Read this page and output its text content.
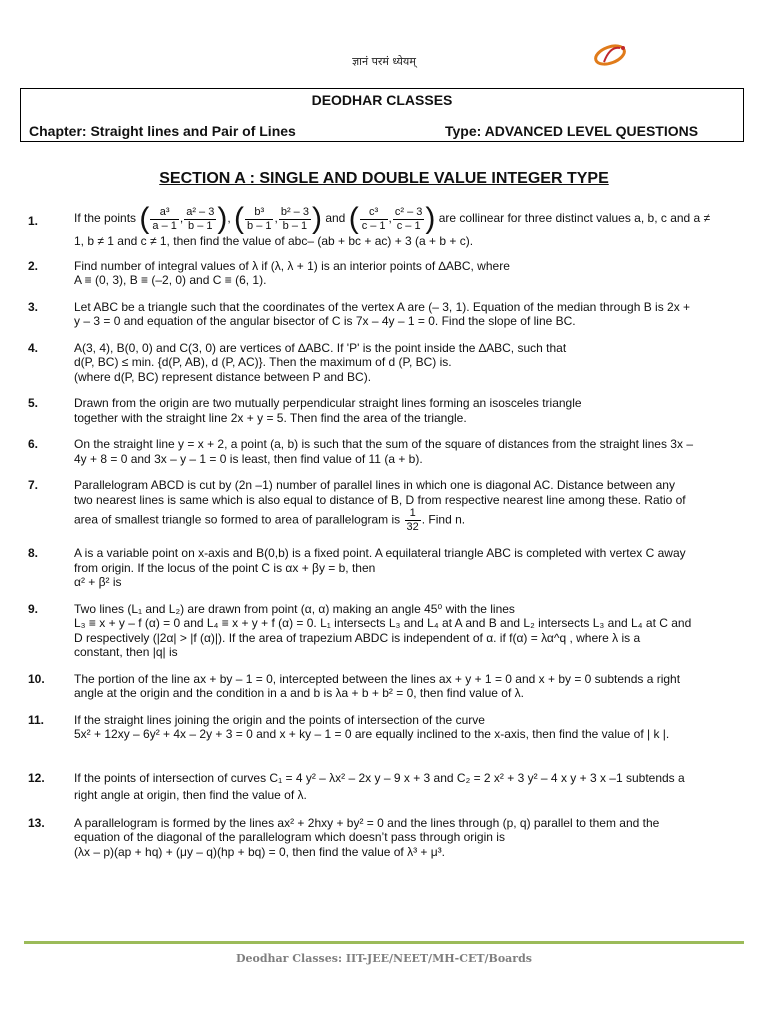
ज्ञानं परमं ध्येयम्
DEODHAR CLASSES
Chapter: Straight lines and Pair of Lines	Type: ADVANCED LEVEL QUESTIONS
SECTION A : SINGLE AND DOUBLE VALUE INTEGER TYPE
1.	If the points ( $\frac{\text{a³}}{a - 1}$ , $\frac{\text{a² – 3}}{b - 1}$ ), ( $\frac{\text{b³}}{b - 1}$ , $\frac{\text{b² – 3}}{b - 1}$ ) and ( $\frac{\text{c³}}{c - 1}$ , $\frac{\text{c² – 3}}{c - 1}$ ) are collinear for three distinct values a, b, c and a ≠
1, b ≠ 1 and c ≠ 1, then find the value of abc– (ab + bc + ac) + 3 (a + b + c).
2.	Find number of integral values of λ if (λ, λ + 1) is an interior points of ∆ABC, where
A ≡ (0, 3), B ≡ (–2, 0) and C ≡ (6, 1).
3.	Let ABC be a triangle such that the coordinates of the vertex A are (– 3, 1). Equation of the median through B is 2x +
y – 3 = 0 and equation of the angular bisector of C is 7x – 4y – 1 = 0. Find the slope of line BC.
4.	A(3, 4), B(0, 0) and C(3, 0) are vertices of ∆ABC. If 'P' is the point inside the ∆ABC, such that
d(P, BC) ≤ min. {d(P, AB), d (P, AC)}. Then the maximum of d (P, BC) is.
(where d(P, BC) represent distance between P and BC).
5.	Drawn from the origin are two mutually perpendicular straight lines forming an isosceles triangle
together with the straight line 2x + y = 5. Then find the area of the triangle.
6.	On the straight line y = x + 2, a point (a, b) is such that the sum of the square of distances from the straight lines 3x –
4y + 8 = 0 and 3x – y – 1 = 0 is least, then find value of 11 (a + b).
7.	Parallelogram ABCD is cut by (2n –1) number of parallel lines in which one is diagonal AC. Distance between any
two nearest lines is same which is also equal to distance of B, D from respective nearest line among these. Ratio of
area of smallest triangle so formed to area of parallelogram is $\frac{1}{32}$ . Find n.
8.	A is a variable point on x-axis and B(0,b) is a fixed point. A equilateral triangle ABC is completed with vertex C away
from origin. If the locus of the point C is αx + βy = b, then
α² + β² is
9.	Two lines (L₁ and L₂) are drawn from point (α, α) making an angle 45⁰ with the lines
L₃ ≡ x + y – f (α) = 0 and L₄ ≡ x + y + f (α) = 0. L₁ intersects L₃ and L₄ at A and B and L₂ intersects L₃ and L₄ at C and
D respectively (|2α| > |f (α)|). If the area of trapezium ABDC is independent of α. if f(α) = λα^q , where λ is a
constant, then |q| is
10. The portion of the line ax + by – 1 = 0, intercepted between the lines ax + y + 1 = 0 and x + by = 0 subtends a right
angle at the origin and the condition in a and b is λa + b + b² = 0, then find value of λ.
11. If the straight lines joining the origin and the points of intersection of the curve
5x² + 12xy – 6y² + 4x – 2y + 3 = 0 and x + ky – 1 = 0 are equally inclined to the x-axis, then find the value of | k |.
12. If the points of intersection of curves C₁ = 4 y² – λx² – 2x y – 9 x + 3 and C₂ = 2 x² + 3 y² – 4 x y + 3 x –1 subtends a
right angle at origin, then find the value of λ.
13. A parallelogram is formed by the lines ax² + 2hxy + by² = 0 and the lines through (p, q) parallel to them and the
equation of the diagonal of the parallelogram which doesn’t pass through origin is
(λx – p)(ap + hq) + (μy – q)(hp + bq) = 0, then find the value of λ³ + μ³.
Deodhar Classes: IIT-JEE/NEET/MH-CET/Boards
